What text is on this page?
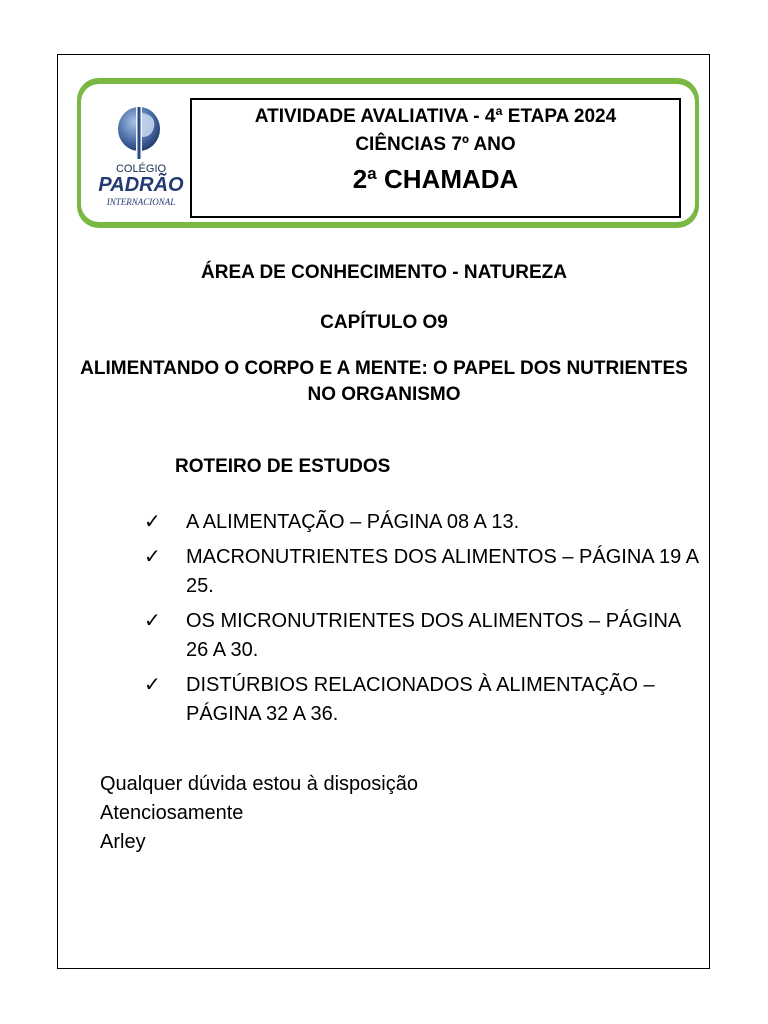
COLÉGIO
PADRÃO
INTERNACIONAL
ATIVIDADE AVALIATIVA - 4ª ETAPA 2024
CIÊNCIAS 7º ANO
2ª CHAMADA
ÁREA DE CONHECIMENTO - NATUREZA
CAPÍTULO O9
ALIMENTANDO O CORPO E A MENTE: O PAPEL DOS NUTRIENTES NO ORGANISMO
ROTEIRO DE ESTUDOS
✓ A ALIMENTAÇÃO – PÁGINA 08 A 13.
✓ MACRONUTRIENTES DOS ALIMENTOS – PÁGINA 19 A 25.
✓ OS MICRONUTRIENTES DOS ALIMENTOS – PÁGINA 26 A 30.
✓ DISTÚRBIOS RELACIONADOS À ALIMENTAÇÃO – PÁGINA 32 A 36.
Qualquer dúvida estou à disposição
Atenciosamente
Arley
